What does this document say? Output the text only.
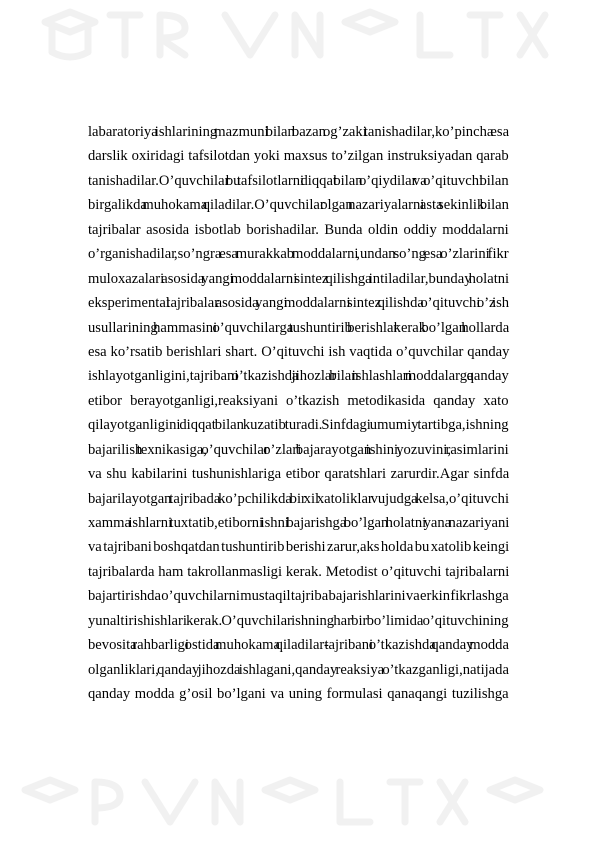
labaratoriya ishlarining mazmuni bilan bazan og’zaki tanishadilar,ko’pincha esa
darslik oxiridagi tafsilotdan yoki maxsus to’zilgan instruksiyadan qarab
tanishadilar.O’quvchilar bu tafsilotlarni diqqat bilan o’qiydilar va o’qituvchi bilan
birgalikda muhokama qiladilar.O’quvchilar olgan nazariyalarni asta sekinlik bilan
tajribalar asosida isbotlab borishadilar. Bunda oldin oddiy moddalarni
o’rganishadilar ,so’ngra esa murakkab moddalarni ,undan so’ng esa o’zlarini fikr
muloxazalari asosida yangi moddalarni sintez qilishga intiladilar,bunday holatni
eksperimental tajribalar asosida yangi moddalarni sintez qilishda o’qituvchi o’z ish
usullarining hammasini o’quvchilarga tushuntirib berishlar kerak bo’lgan hollarda
esa ko’rsatib berishlari shart. O’qituvchi ish vaqtida o’quvchilar qanday
ishlayotganligini,tajribani o’tkazishda jihozlar bilan ishlashlari moddalarga qanday
etibor berayotganligi,reaksiyani o’tkazish metodikasida qanday xato
qilayotganligini diqqat bilan kuzatib turadi. Sinfdagi umumiy tartibga,ishning
bajarilish texnikasiga, o’quvchilar o’zlari bajarayotgan ishini, yozuvini, rasimlarini
va shu kabilarini tushunishlariga etibor qaratshlari zarurdir.Agar sinfda
bajarilayotgan tajribada ko’pchilikda bir xil xatoliklar vujudga kelsa,o’qituvchi
xamma ishlarni tuxtatib,etiborni ishni bajarishga bo’lgan holatni yana nazariyani
va tajribani boshqatdan tushuntirib berishi zarur,aks holda bu xatolib keingi
tajribalarda ham takrollanmasligi kerak. Metodist o’qituvchi tajribalarni
bajartirishda o’quvchilarni mustaqil tajriba bajarishlarini va erkin fikrlashga
yunaltirishishlari kerak. O’quvchilar ishning har bir bo’limida o’qituvchining
bevosita rahbarligi ostida muhokama qiladilar- tajribani o’tkazishda qanday modda
olganliklari, qanday jihozda ishlagani,qanday reaksiya o’tkazganligi,natijada
qanday modda g’osil bo’lgani va uning formulasi qanaqangi tuzilishga
